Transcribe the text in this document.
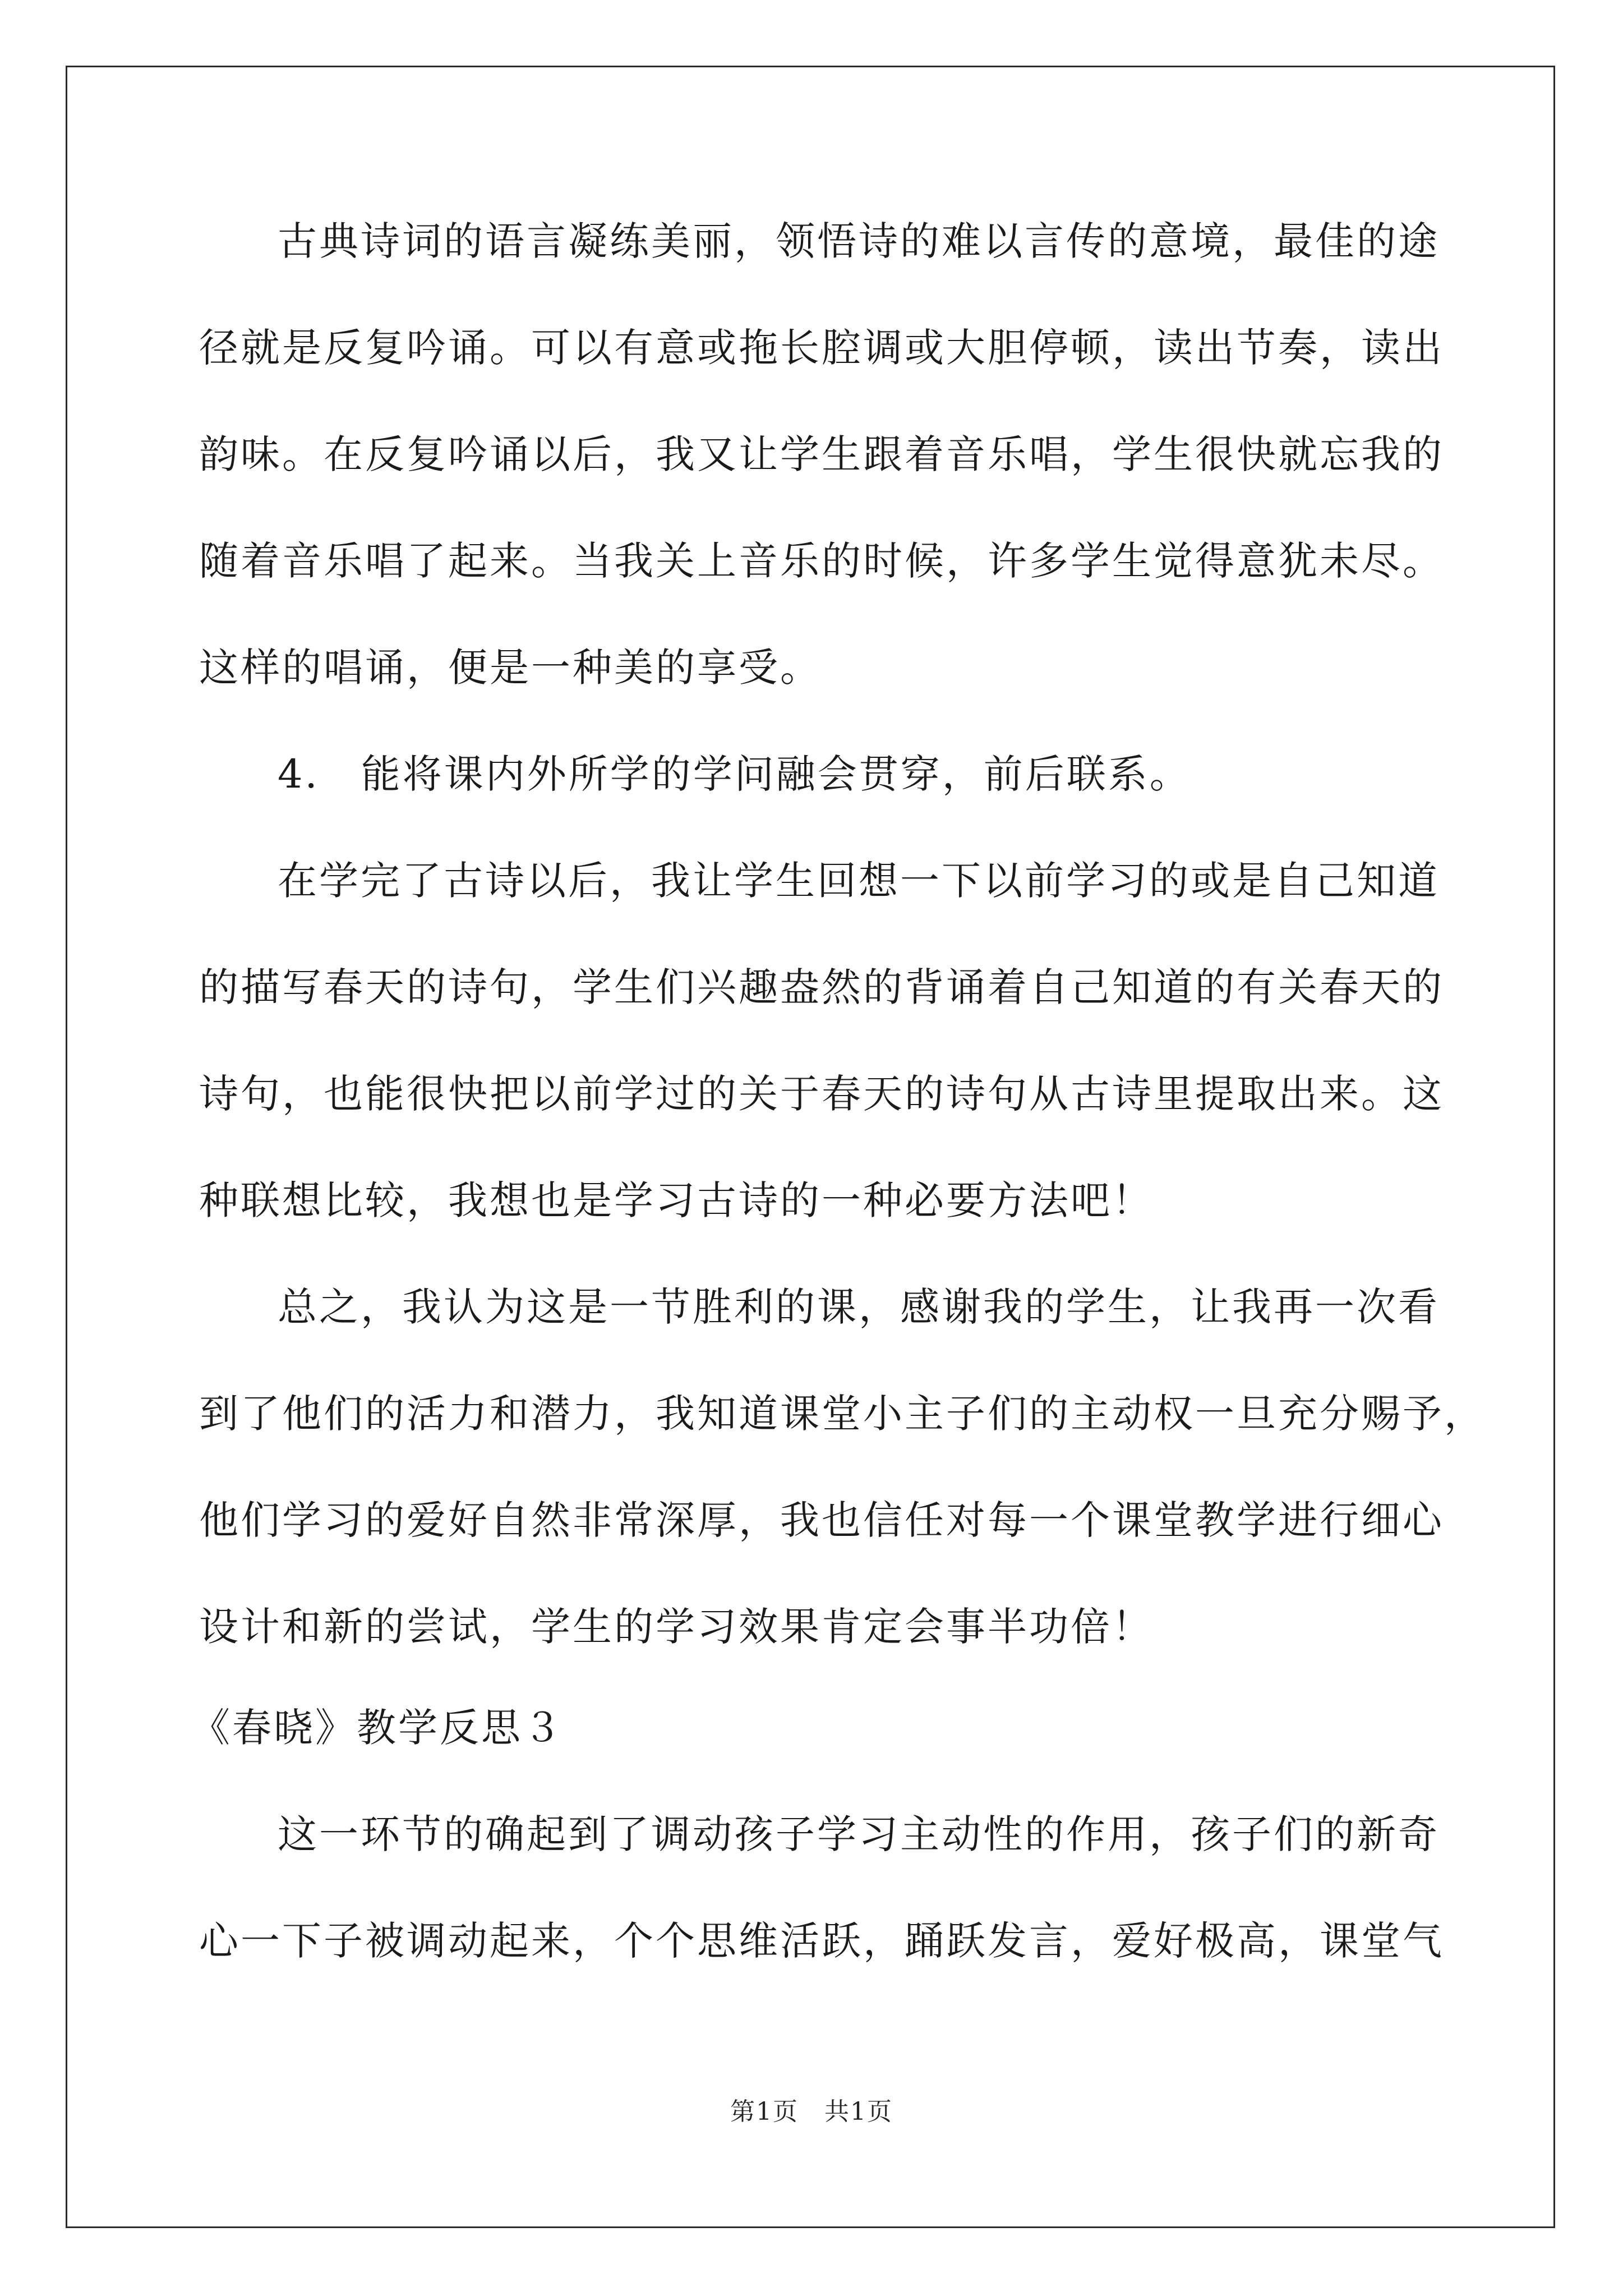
古典诗词的语言凝练美丽，领悟诗的难以言传的意境，最佳的途
径就是反复吟诵。可以有意或拖长腔调或大胆停顿，读出节奏，读出
韵味。在反复吟诵以后，我又让学生跟着音乐唱，学生很快就忘我的
随着音乐唱了起来。当我关上音乐的时候，许多学生觉得意犹未尽。
这样的唱诵，便是一种美的享受。
4.　能将课内外所学的学问融会贯穿，前后联系。
在学完了古诗以后，我让学生回想一下以前学习的或是自己知道
的描写春天的诗句，学生们兴趣盎然的背诵着自己知道的有关春天的
诗句，也能很快把以前学过的关于春天的诗句从古诗里提取出来。这
种联想比较，我想也是学习古诗的一种必要方法吧！
总之，我认为这是一节胜利的课，感谢我的学生，让我再一次看
到了他们的活力和潜力，我知道课堂小主子们的主动权一旦充分赐予，
他们学习的爱好自然非常深厚，我也信任对每一个课堂教学进行细心
设计和新的尝试，学生的学习效果肯定会事半功倍！
《春晓》教学反思３
这一环节的确起到了调动孩子学习主动性的作用，孩子们的新奇
心一下子被调动起来，个个思维活跃，踊跃发言，爱好极高，课堂气
第1页　共1页
